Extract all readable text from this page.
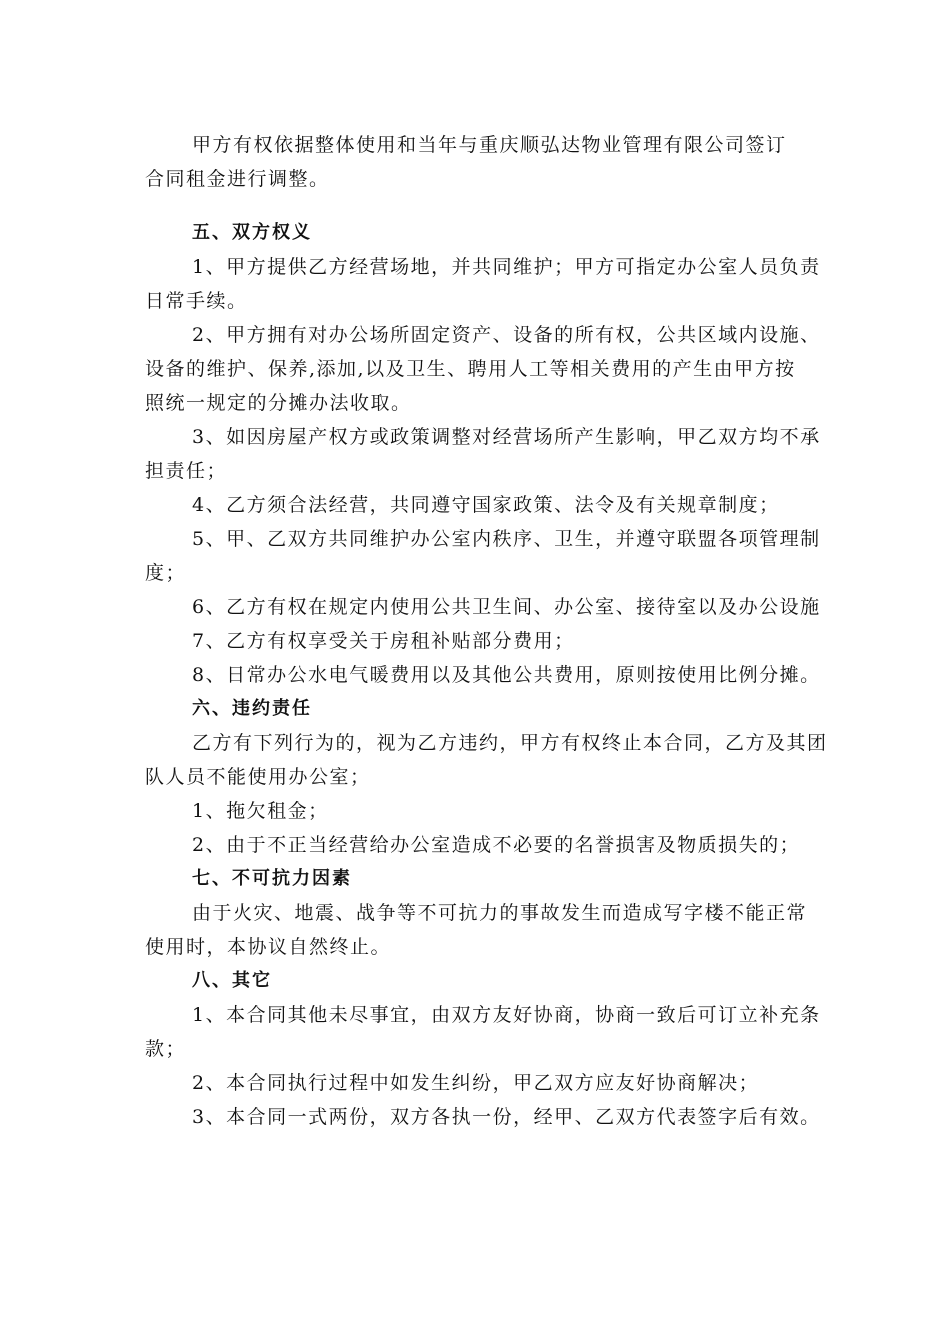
甲方有权依据整体使用和当年与重庆顺弘达物业管理有限公司签订

合同租金进行调整。

五、双方权义

1、甲方提供乙方经营场地，并共同维护；甲方可指定办公室人员负责

日常手续。

2、甲方拥有对办公场所固定资产、设备的所有权，公共区域内设施、

设备的维护、保养,添加,以及卫生、聘用人工等相关费用的产生由甲方按

照统一规定的分摊办法收取。

3、如因房屋产权方或政策调整对经营场所产生影响，甲乙双方均不承

担责任；

4、乙方须合法经营，共同遵守国家政策、法令及有关规章制度；

5、甲、乙双方共同维护办公室内秩序、卫生，并遵守联盟各项管理制

度；

6、乙方有权在规定内使用公共卫生间、办公室、接待室以及办公设施

7、乙方有权享受关于房租补贴部分费用；

8、日常办公水电气暖费用以及其他公共费用，原则按使用比例分摊。

六、违约责任

乙方有下列行为的，视为乙方违约，甲方有权终止本合同，乙方及其团

队人员不能使用办公室；

1、拖欠租金；

2、由于不正当经营给办公室造成不必要的名誉损害及物质损失的；

七、不可抗力因素

由于火灾、地震、战争等不可抗力的事故发生而造成写字楼不能正常

使用时，本协议自然终止。

八、其它

1、本合同其他未尽事宜，由双方友好协商，协商一致后可订立补充条

款；

2、本合同执行过程中如发生纠纷，甲乙双方应友好协商解决；

3、本合同一式两份，双方各执一份，经甲、乙双方代表签字后有效。
